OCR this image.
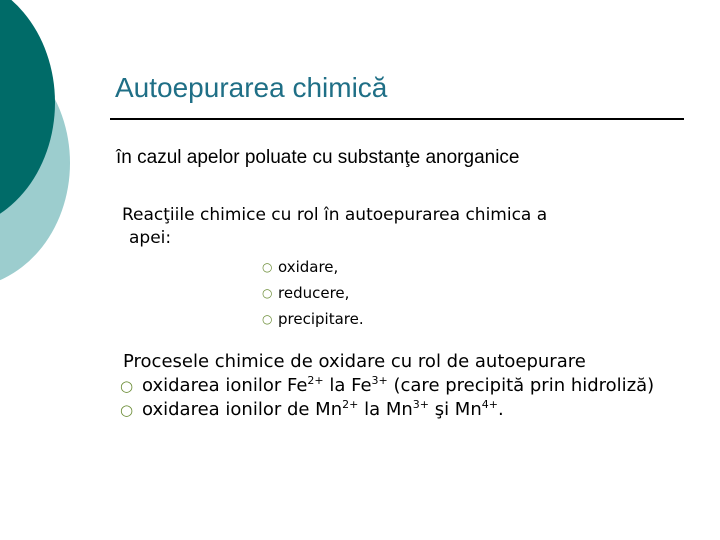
Autoepurarea chimică
în cazul apelor poluate cu substanţe anorganice
Reacţiile chimice cu rol în autoepurarea chimica a
apei:
○ oxidare,
○ reducere,
○ precipitare.
Procesele chimice de oxidare cu rol de autoepurare
○ oxidarea ionilor $Fe^{2+}$ la $Fe^{3+}$ (care precipită prin hidroliză)
○ oxidarea ionilor de $Mn^{2+}$ la $Mn^{3+}$ şi $Mn^{4+}$.
